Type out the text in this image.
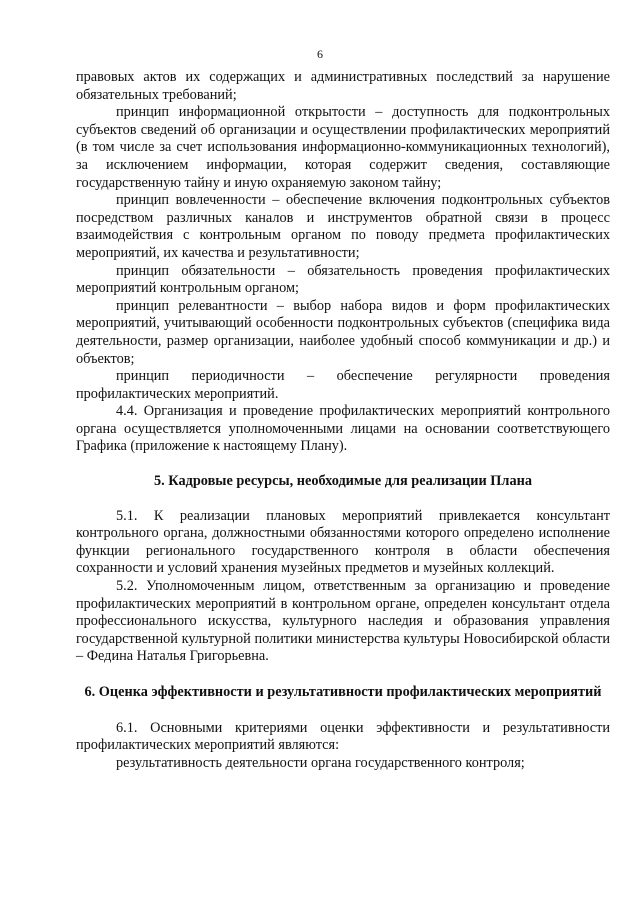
6

правовых актов их содержащих и административных последствий за нарушение обязательных требований;

принцип информационной открытости – доступность для подконтрольных субъектов сведений об организации и осуществлении профилактических мероприятий (в том числе за счет использования информационно-коммуникационных технологий), за исключением информации, которая содержит сведения, составляющие государственную тайну и иную охраняемую законом тайну;

принцип вовлеченности – обеспечение включения подконтрольных субъектов посредством различных каналов и инструментов обратной связи в процесс взаимодействия с контрольным органом по поводу предмета профилактических мероприятий, их качества и результативности;

принцип обязательности – обязательность проведения профилактических мероприятий контрольным органом;

принцип релевантности – выбор набора видов и форм профилактических мероприятий, учитывающий особенности подконтрольных субъектов (специфика вида деятельности, размер организации, наиболее удобный способ коммуникации и др.) и объектов;

принцип периодичности – обеспечение регулярности проведения профилактических мероприятий.

4.4. Организация и проведение профилактических мероприятий контрольного органа осуществляется уполномоченными лицами на основании соответствующего Графика (приложение к настоящему Плану).

5. Кадровые ресурсы, необходимые для реализации Плана

5.1. К реализации плановых мероприятий привлекается консультант контрольного органа, должностными обязанностями которого определено исполнение функции регионального государственного контроля в области обеспечения сохранности и условий хранения музейных предметов и музейных коллекций.

5.2. Уполномоченным лицом, ответственным за организацию и проведение профилактических мероприятий в контрольном органе, определен консультант отдела профессионального искусства, культурного наследия и образования управления государственной культурной политики министерства культуры Новосибирской области – Федина Наталья Григорьевна.

6. Оценка эффективности и результативности профилактических мероприятий

6.1. Основными критериями оценки эффективности и результативности профилактических мероприятий являются:

результативность деятельности органа государственного контроля;
